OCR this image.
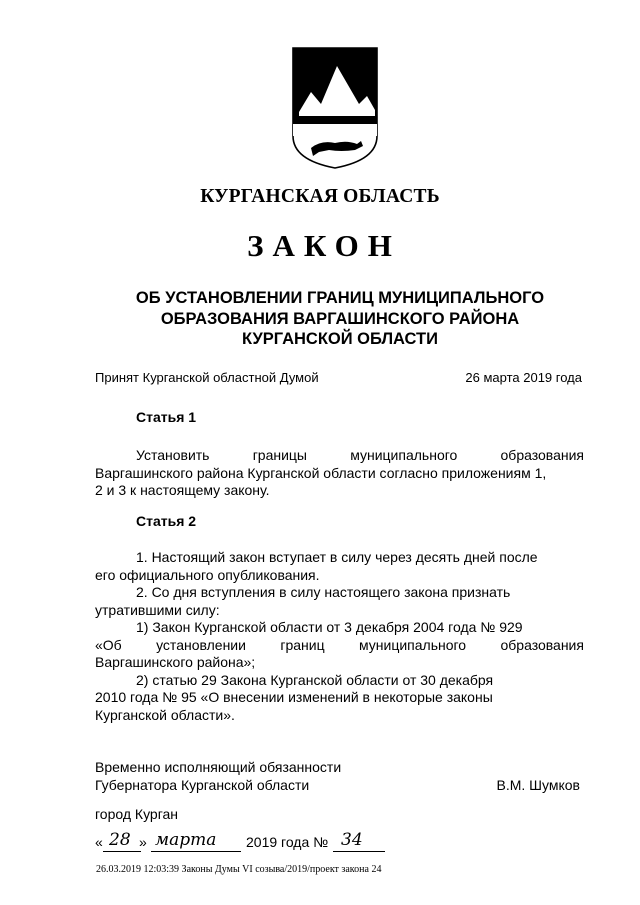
КУРГАНСКАЯ ОБЛАСТЬ
ЗАКОН
ОБ УСТАНОВЛЕНИИ ГРАНИЦ МУНИЦИПАЛЬНОГО
ОБРАЗОВАНИЯ ВАРГАШИНСКОГО РАЙОНА
КУРГАНСКОЙ ОБЛАСТИ
Принят Курганской областной Думой	26 марта 2019 года
Статья 1
Установить	границы	муниципального	образования
Варгашинского района Курганской области согласно приложениям 1,
2 и 3 к настоящему закону.
Статья 2
1. Настоящий закон вступает в силу через десять дней после
его официального опубликования.
2. Со дня вступления в силу настоящего закона признать
утратившими силу:
1) Закон Курганской области от 3 декабря 2004 года № 929
«Об установлении границ муниципального образования
Варгашинского района»;
2) статью 29 Закона Курганской области от 30 декабря
2010 года № 95 «О внесении изменений в некоторые законы
Курганской области».
Временно исполняющий обязанности
Губернатора Курганской области	В.М. Шумков
город Курган
« 28 » марта 2019 года № 34
26.03.2019 12:03:39 Законы Думы VI созыва/2019/проект закона 24
